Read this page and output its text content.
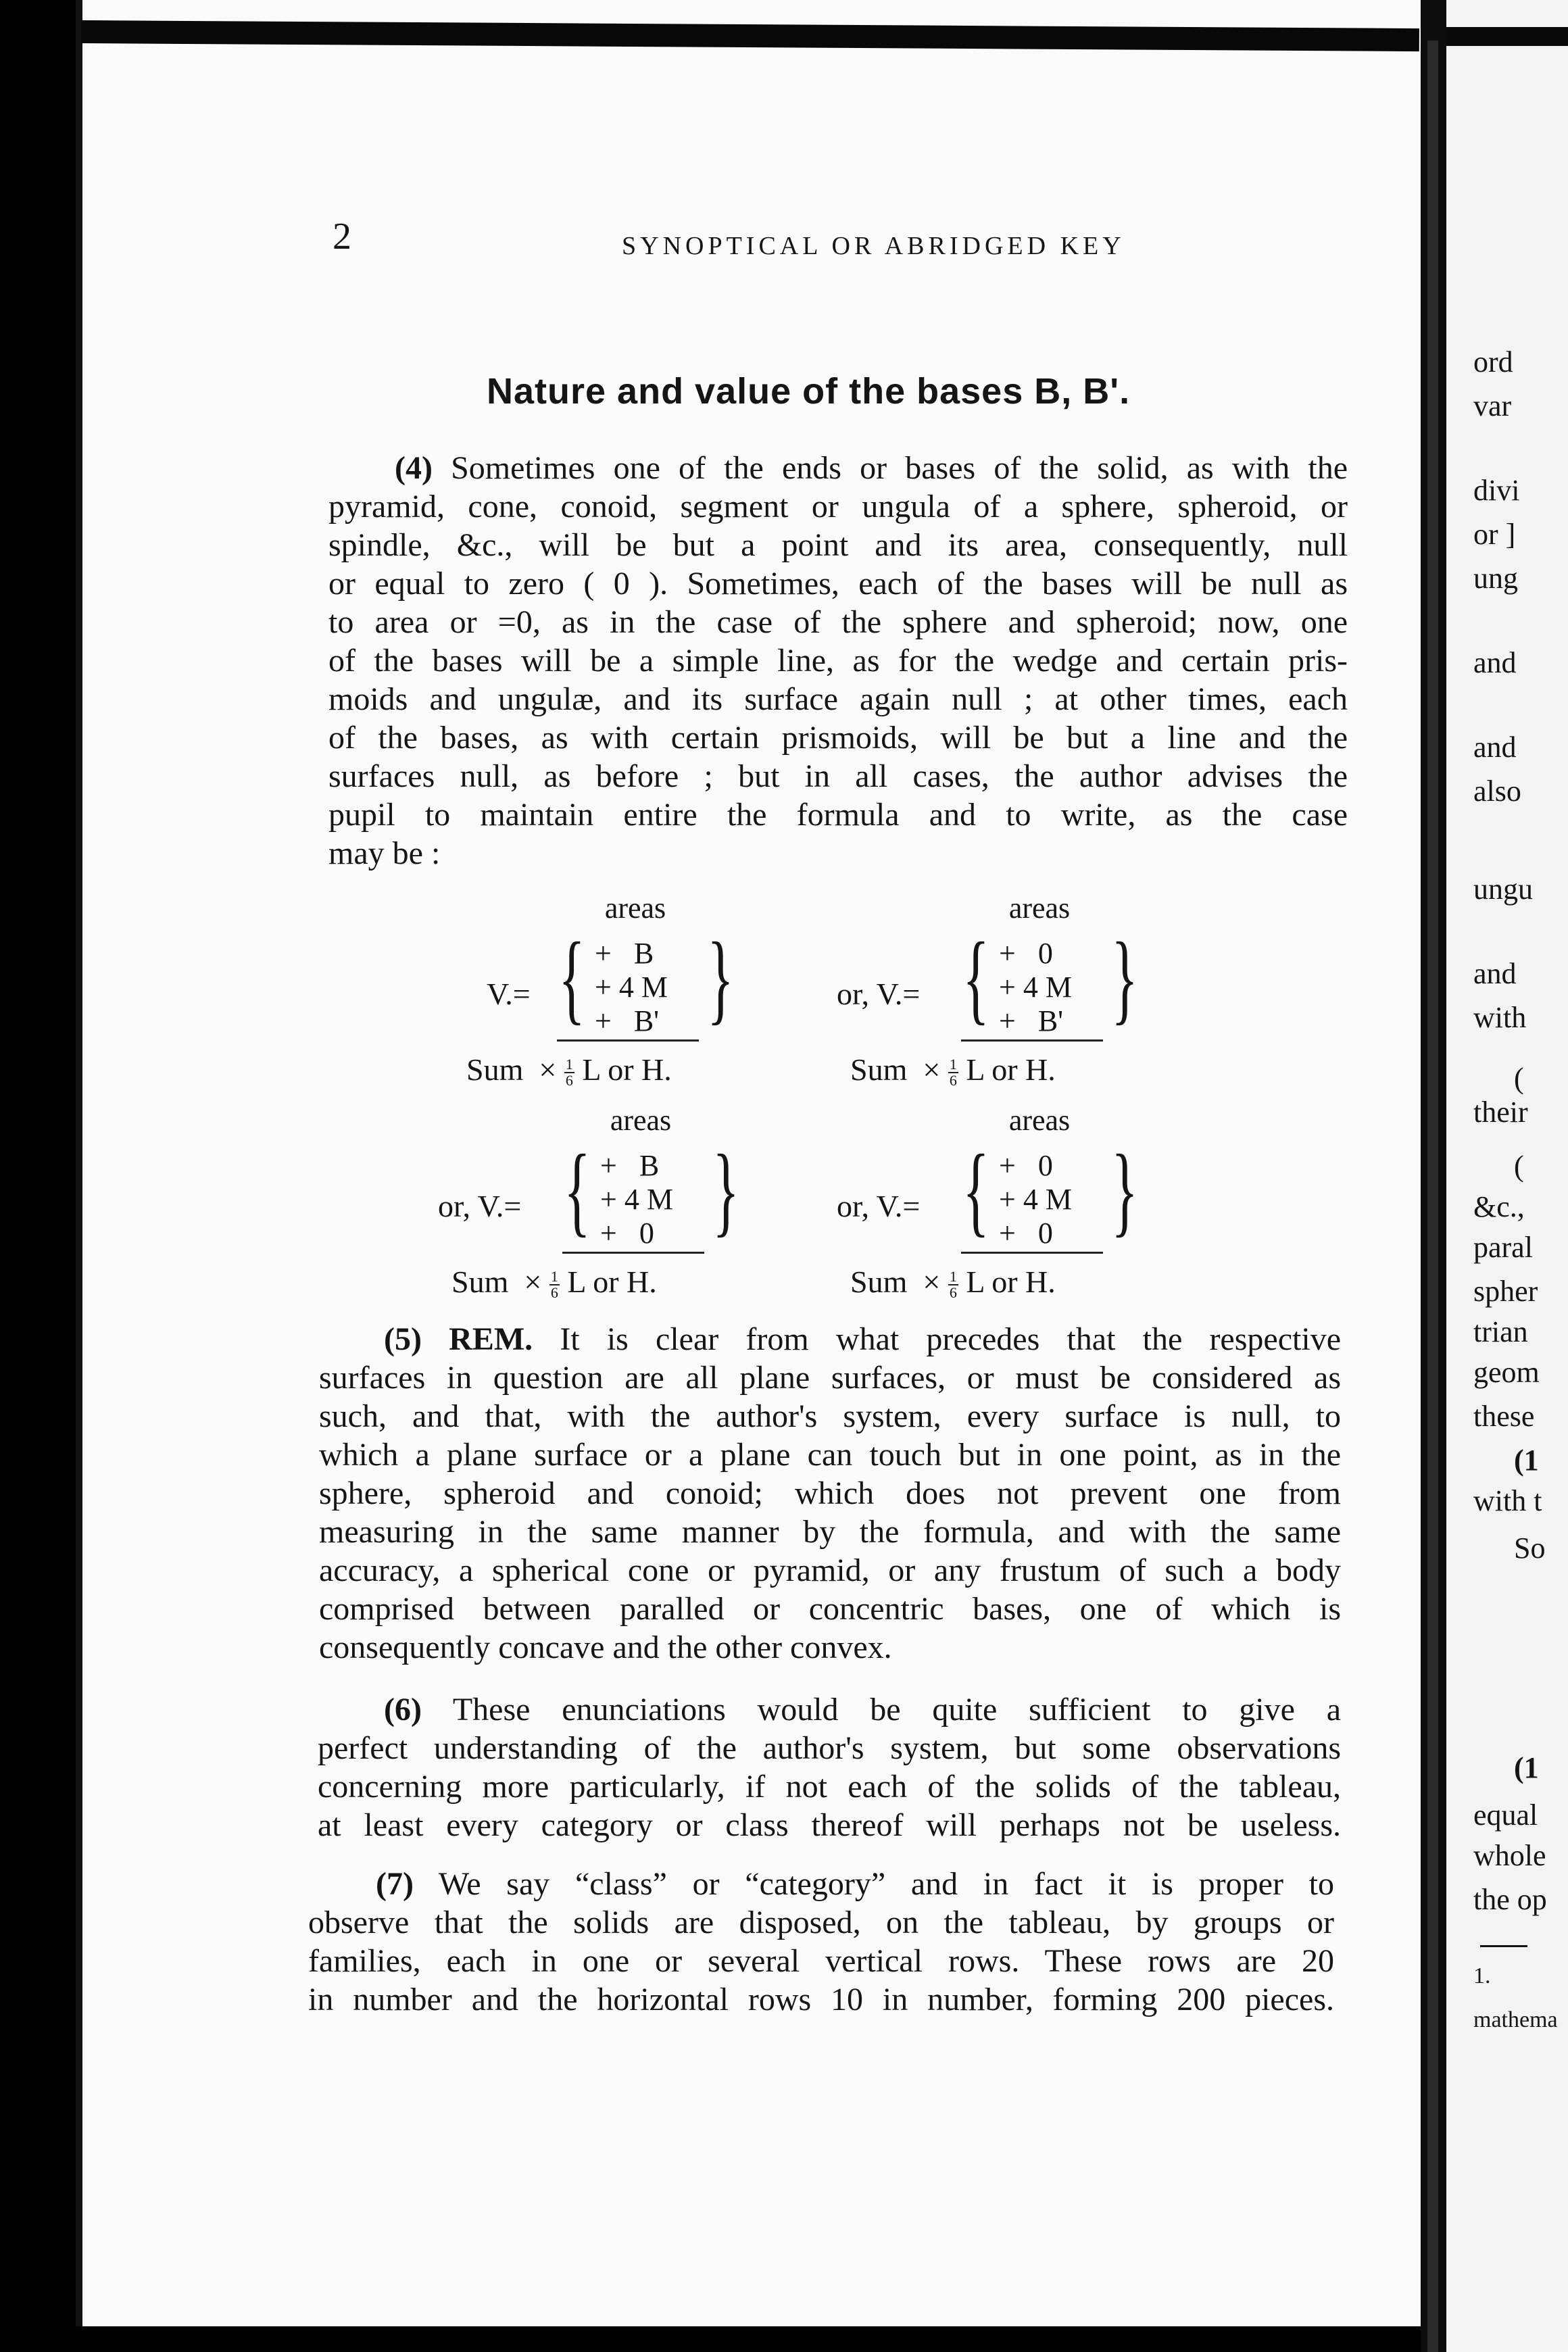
2	SYNOPTICAL OR ABRIDGED KEY
Nature and value of the bases B, B'.
(4) Sometimes one of the ends or bases of the solid, as with the
pyramid, cone, conoid, segment or ungula of a sphere, spheroid, or
spindle, &c., will be but a point and its area, consequently, null
or equal to zero ( 0 ). Sometimes, each of the bases will be null as
to area or =0, as in the case of the sphere and spheroid; now, one
of the bases will be a simple line, as for the wedge and certain pris-
moids and ungulæ, and its surface again null ; at other times, each
of the bases, as with certain prismoids, will be but a line and the
surfaces null, as before ; but in all cases, the author advises the
pupil to maintain entire the formula and to write, as the case
may be :
areas
V.= { +   B
+ 4 M
+   B' }
Sum  × $\frac{1}{6}$ L or H.
areas
or, V.= { +   0
+ 4 M
+   B' }
Sum  × $\frac{1}{6}$ L or H.
areas
or, V.= { +   B
+ 4 M
+   0 }
Sum  × $\frac{1}{6}$ L or H.
areas
or, V.= { +   0
+ 4 M
+   0 }
Sum  × $\frac{1}{6}$ L or H.
(5) REM. It is clear from what precedes that the respective
surfaces in question are all plane surfaces, or must be considered as
such, and that, with the author's system, every surface is null, to
which a plane surface or a plane can touch but in one point, as in the
sphere, spheroid and conoid; which does not prevent one from
measuring in the same manner by the formula, and with the same
accuracy, a spherical cone or pyramid, or any frustum of such a body
comprised between paralled or concentric bases, one of which is
consequently concave and the other convex.
(6) These enunciations would be quite sufficient to give a
perfect understanding of the author's system, but some observations
concerning more particularly, if not each of the solids of the tableau,
at least every category or class thereof will perhaps not be useless.
(7) We say “class” or “category” and in fact it is proper to
observe that the solids are disposed, on the tableau, by groups or
families, each in one or several vertical rows. These rows are 20
in number and the horizontal rows 10 in number, forming 200 pieces.
ord
var
divi
or ]
ung
and
and
also
ungu
and
with
(
their
(
&c.,
paral
spher
trian
geom
these
(1
with t
So
(1
equal
whole
the op
1.
mathema
